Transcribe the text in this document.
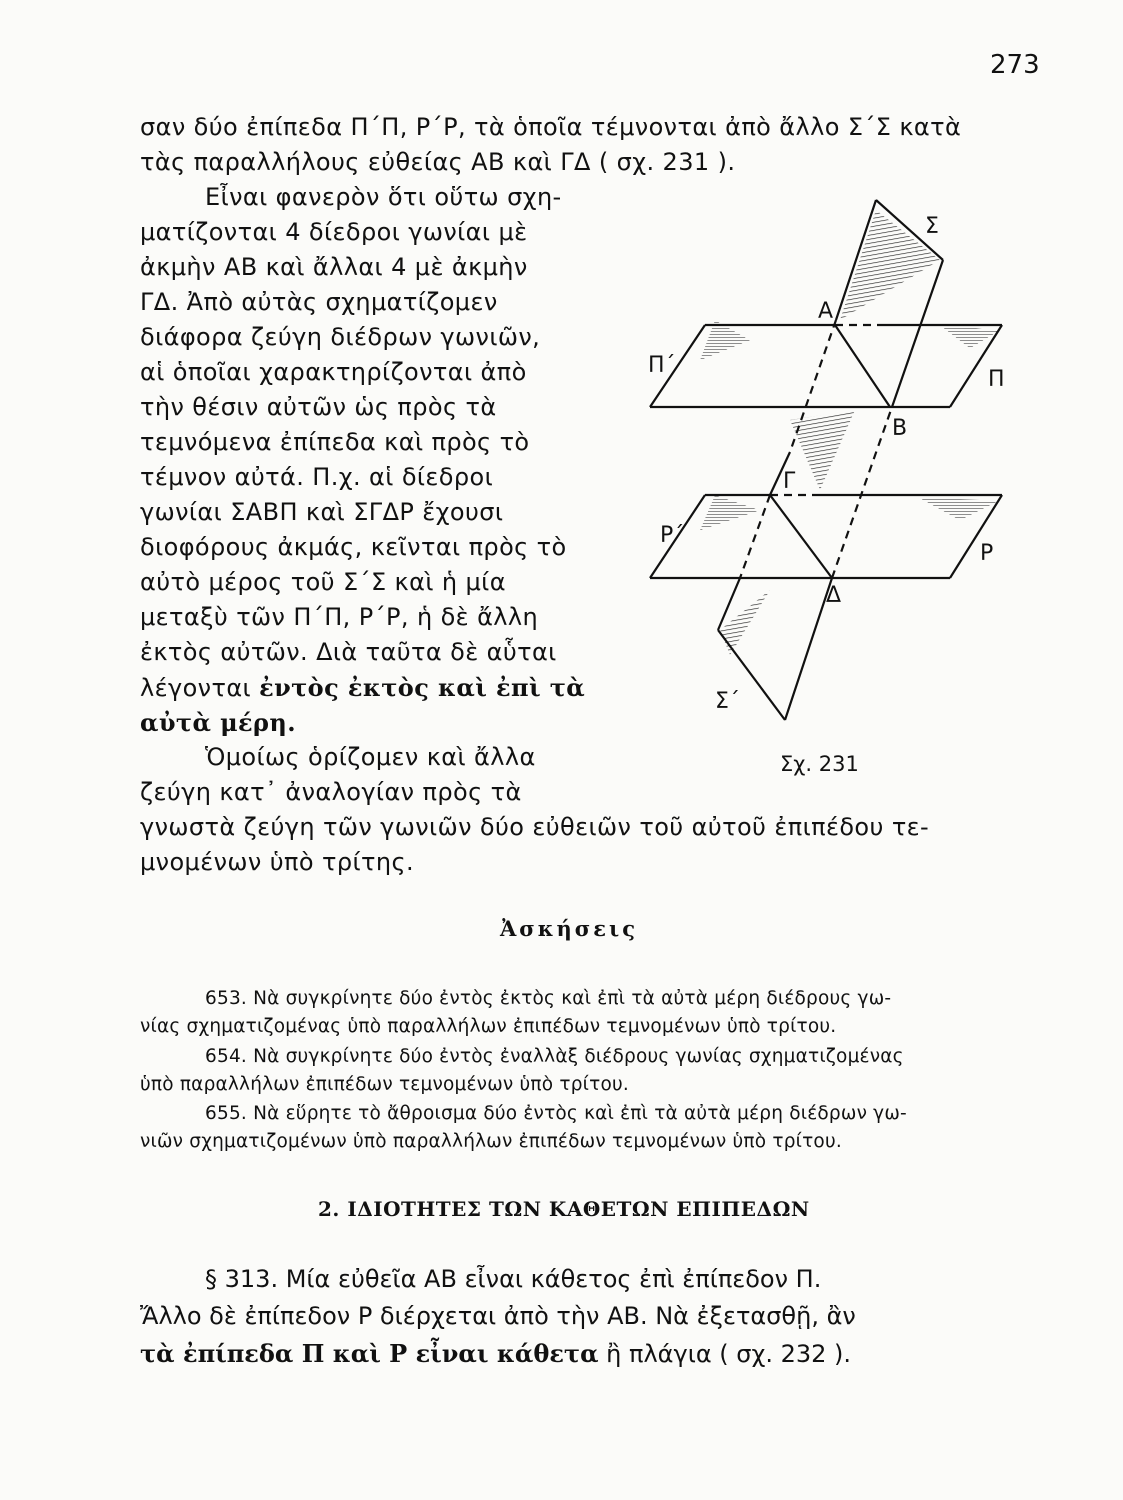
273
σαν δύο ἐπίπεδα Π΄Π, Ρ΄Ρ, τὰ ὁποῖα τέμνονται ἀπὸ ἄλλο Σ΄Σ κατὰ
τὰς παραλλήλους εὐθείας ΑΒ καὶ ΓΔ ( σχ. 231 ).
Εἶναι φανερὸν ὅτι οὕτω σχη-
ματίζονται 4 δίεδροι γωνίαι μὲ
ἀκμὴν ΑΒ καὶ ἄλλαι 4 μὲ ἀκμὴν
ΓΔ. Ἀπὸ αὐτὰς σχηματίζομεν
διάφορα ζεύγη διέδρων γωνιῶν,
αἱ ὁποῖαι χαρακτηρίζονται ἀπὸ
τὴν θέσιν αὐτῶν ὡς πρὸς τὰ
τεμνόμενα ἐπίπεδα καὶ πρὸς τὸ
τέμνον αὐτά. Π.χ. αἱ δίεδροι
γωνίαι ΣΑΒΠ καὶ ΣΓΔΡ ἔχουσι
διοφόρους ἀκμάς, κεῖνται πρὸς τὸ
αὐτὸ μέρος τοῦ Σ΄Σ καὶ ἡ μία
μεταξὺ τῶν Π΄Π, Ρ΄Ρ, ἡ δὲ ἄλλη
ἐκτὸς αὐτῶν. Διὰ ταῦτα δὲ αὗται
λέγονται ἐντὸς ἐκτὸς καὶ ἐπὶ τὰ
αὐτὰ μέρη.
Ὁμοίως ὁρίζομεν καὶ ἄλλα
ζεύγη κατ᾽ ἀναλογίαν πρὸς τὰ
γνωστὰ ζεύγη τῶν γωνιῶν δύο εὐθειῶν τοῦ αὐτοῦ ἐπιπέδου τε-
μνομένων ὑπὸ τρίτης.
Σ
Α
Π΄
Π
Β
Γ
Ρ΄
Ρ
Δ
Σ΄
Σχ. 231
Ἀσκήσεις
653. Νὰ συγκρίνητε δύο ἐντὸς ἐκτὸς καὶ ἐπὶ τὰ αὐτὰ μέρη διέδρους γω-
νίας σχηματιζομένας ὑπὸ παραλλήλων ἐπιπέδων τεμνομένων ὑπὸ τρίτου.
654. Νὰ συγκρίνητε δύο ἐντὸς ἐναλλὰξ διέδρους γωνίας σχηματιζομένας
ὑπὸ παραλλήλων ἐπιπέδων τεμνομένων ὑπὸ τρίτου.
655. Νὰ εὕρητε τὸ ἄθροισμα δύο ἐντὸς καὶ ἐπὶ τὰ αὐτὰ μέρη διέδρων γω-
νιῶν σχηματιζομένων ὑπὸ παραλλήλων ἐπιπέδων τεμνομένων ὑπὸ τρίτου.
2. ΙΔΙΟΤΗΤΕΣ ΤΩΝ ΚΑΘΕΤΩΝ ΕΠΙΠΕΔΩΝ
§ 313. Μία εὐθεῖα ΑΒ εἶναι κάθετος ἐπὶ ἐπίπεδον Π.
Ἄλλο δὲ ἐπίπεδον Ρ διέρχεται ἀπὸ τὴν ΑΒ. Νὰ ἐξετασθῇ, ἂν
τὰ ἐπίπεδα Π καὶ Ρ εἶναι κάθετα ἢ πλάγια ( σχ. 232 ).
